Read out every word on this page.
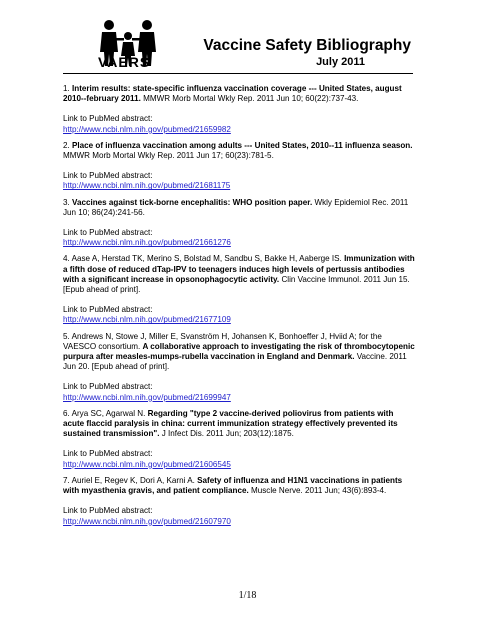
VAERS
Vaccine Safety Bibliography
July 2011

1. Interim results: state-specific influenza vaccination coverage --- United States, august 2010--february 2011. MMWR Morb Mortal Wkly Rep. 2011 Jun 10; 60(22):737-43.

Link to PubMed abstract:

http://www.ncbi.nlm.nih.gov/pubmed/21659982

2. Place of influenza vaccination among adults --- United States, 2010--11 influenza season. MMWR Morb Mortal Wkly Rep. 2011 Jun 17; 60(23):781-5.

Link to PubMed abstract:

http://www.ncbi.nlm.nih.gov/pubmed/21681175

3. Vaccines against tick-borne encephalitis: WHO position paper. Wkly Epidemiol Rec. 2011 Jun 10; 86(24):241-56.

Link to PubMed abstract:

http://www.ncbi.nlm.nih.gov/pubmed/21661276

4. Aase A, Herstad TK, Merino S, Bolstad M, Sandbu S, Bakke H, Aaberge IS. Immunization with a fifth dose of reduced dTap-IPV to teenagers induces high levels of pertussis antibodies with a significant increase in opsonophagocytic activity. Clin Vaccine Immunol. 2011 Jun 15. [Epub ahead of print].

Link to PubMed abstract:

http://www.ncbi.nlm.nih.gov/pubmed/21677109

5. Andrews N, Stowe J, Miller E, Svanström H, Johansen K, Bonhoeffer J, Hviid A; for the VAESCO consortium. A collaborative approach to investigating the risk of thrombocytopenic purpura after measles-mumps-rubella vaccination in England and Denmark. Vaccine. 2011 Jun 20. [Epub ahead of print].

Link to PubMed abstract:

http://www.ncbi.nlm.nih.gov/pubmed/21699947

6. Arya SC, Agarwal N. Regarding "type 2 vaccine-derived poliovirus from patients with acute flaccid paralysis in china: current immunization strategy effectively prevented its sustained transmission". J Infect Dis. 2011 Jun; 203(12):1875.

Link to PubMed abstract:

http://www.ncbi.nlm.nih.gov/pubmed/21606545

7. Auriel E, Regev K, Dori A, Karni A. Safety of influenza and H1N1 vaccinations in patients with myasthenia gravis, and patient compliance. Muscle Nerve. 2011 Jun; 43(6):893-4.

Link to PubMed abstract:

http://www.ncbi.nlm.nih.gov/pubmed/21607970
1/18
